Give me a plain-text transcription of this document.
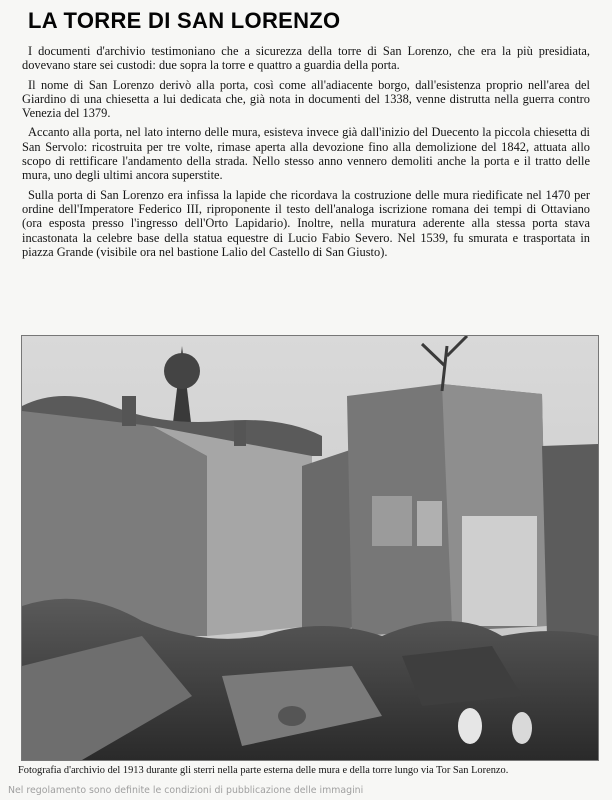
LA TORRE DI SAN LORENZO

I documenti d'archivio testimoniano che a sicurezza della torre di San Lorenzo, che era la più presidiata, dovevano stare sei custodi: due sopra la torre e quattro a guardia della porta.

Il nome di San Lorenzo derivò alla porta, così come all'adiacente borgo, dall'esistenza proprio nell'area del Giardino di una chiesetta a lui dedicata che, già nota in documenti del 1338, venne distrutta nella guerra contro Venezia del 1379.

Accanto alla porta, nel lato interno delle mura, esisteva invece già dall'inizio del Duecento la piccola chiesetta di San Servolo: ricostruita per tre volte, rimase aperta alla devozione fino alla demolizione del 1842, attuata allo scopo di rettificare l'andamento della strada. Nello stesso anno vennero demoliti anche la porta e il tratto delle mura, uno degli ultimi ancora superstite.

Sulla porta di San Lorenzo era infissa la lapide che ricordava la costruzione delle mura riedificate nel 1470 per ordine dell'Imperatore Federico III, riproponente il testo dell'analoga iscrizione romana dei tempi di Ottaviano (ora esposta presso l'ingresso dell'Orto Lapidario). Inoltre, nella muratura aderente alla stessa porta stava incastonata la celebre base della statua equestre di Lucio Fabio Severo. Nel 1539, fu smurata e trasportata in piazza Grande (visibile ora nel bastione Lalio del Castello di San Giusto).

Fotografia d'archivio del 1913 durante gli sterri nella parte esterna delle mura e della torre lungo via Tor San Lorenzo.
Nel regolamento sono definite le condizioni di pubblicazione delle immagini
